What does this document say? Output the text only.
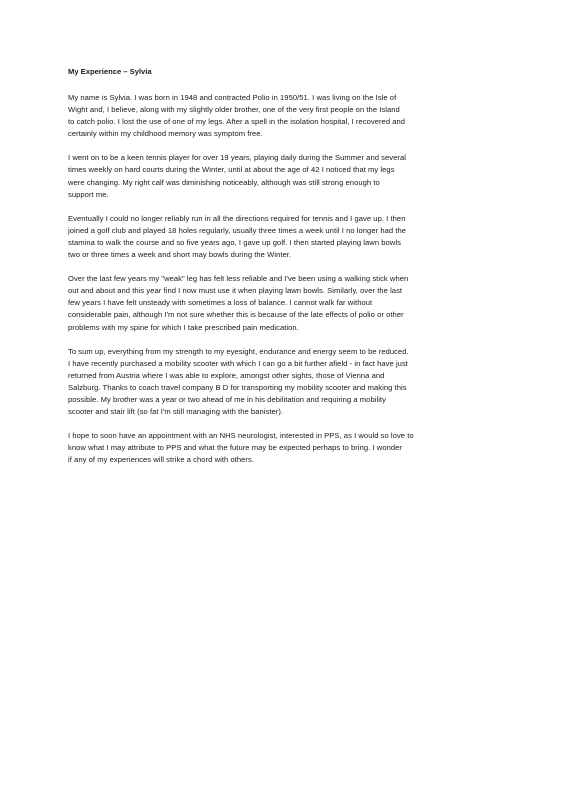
My Experience – Sylvia

My name is Sylvia. I was born in 1948 and contracted Polio in 1950/51. I was living on the Isle of
Wight and, I believe, along with my slightly older brother, one of the very first people on the Island
to catch polio. I lost the use of one of my legs. After a spell in the isolation hospital, I recovered and
certainly within my childhood memory was symptom free.

I went on to be a keen tennis player for over 19 years, playing daily during the Summer and several
times weekly on hard courts during the Winter, until at about the age of 42 I noticed that my legs
were changing. My right calf was diminishing noticeably, although was still strong enough to
support me.

Eventually I could no longer reliably run in all the directions required for tennis and I gave up. I then
joined a golf club and played 18 holes regularly, usually three times a week until I no longer had the
stamina to walk the course and so five years ago, I gave up golf. I then started playing lawn bowls
two or three times a week and short may bowls during the Winter.

Over the last few years my "weak" leg has felt less reliable and I've been using a walking stick when
out and about and this year find I now must use it when playing lawn bowls. Similarly, over the last
few years I have felt unsteady with sometimes a loss of balance. I cannot walk far without
considerable pain, although I'm not sure whether this is because of the late effects of polio or other
problems with my spine for which I take prescribed pain medication.

To sum up, everything from my strength to my eyesight, endurance and energy seem to be reduced.
I have recently purchased a mobility scooter with which I can go a bit further afield - in fact have just
returned from Austria where I was able to explore, amongst other sights, those of Vienna and
Salzburg. Thanks to coach travel company B D for transporting my mobility scooter and making this
possible. My brother was a year or two ahead of me in his debilitation and requiring a mobility
scooter and stair lift (so fat I'm still managing with the banister).

I hope to soon have an appointment with an NHS neurologist, interested in PPS, as I would so love to
know what I may attribute to PPS and what the future may be expected perhaps to bring. I wonder
if any of my experiences will strike a chord with others.
